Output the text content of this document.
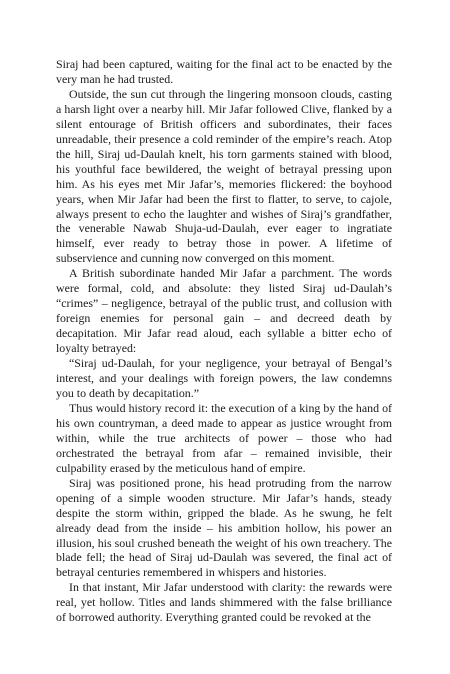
Siraj had been captured, waiting for the final act to be enacted by the very man he had trusted.

Outside, the sun cut through the lingering monsoon clouds, casting a harsh light over a nearby hill. Mir Jafar followed Clive, flanked by a silent entourage of British officers and subordinates, their faces unreadable, their presence a cold reminder of the empire’s reach. Atop the hill, Siraj ud-Daulah knelt, his torn garments stained with blood, his youthful face bewildered, the weight of betrayal pressing upon him. As his eyes met Mir Jafar’s, memories flickered: the boyhood years, when Mir Jafar had been the first to flatter, to serve, to cajole, always present to echo the laughter and wishes of Siraj’s grandfather, the venerable Nawab Shuja-ud-Daulah, ever eager to ingratiate himself, ever ready to betray those in power. A lifetime of subservience and cunning now converged on this moment.

A British subordinate handed Mir Jafar a parchment. The words were formal, cold, and absolute: they listed Siraj ud-Daulah’s “crimes” – negligence, betrayal of the public trust, and collusion with foreign enemies for personal gain – and decreed death by decapitation. Mir Jafar read aloud, each syllable a bitter echo of loyalty betrayed:

“Siraj ud-Daulah, for your negligence, your betrayal of Bengal’s interest, and your dealings with foreign powers, the law condemns you to death by decapitation.”

Thus would history record it: the execution of a king by the hand of his own countryman, a deed made to appear as justice wrought from within, while the true architects of power – those who had orchestrated the betrayal from afar – remained invisible, their culpability erased by the meticulous hand of empire.

Siraj was positioned prone, his head protruding from the narrow opening of a simple wooden structure. Mir Jafar’s hands, steady despite the storm within, gripped the blade. As he swung, he felt already dead from the inside – his ambition hollow, his power an illusion, his soul crushed beneath the weight of his own treachery. The blade fell; the head of Siraj ud-Daulah was severed, the final act of betrayal centuries remembered in whispers and histories.

In that instant, Mir Jafar understood with clarity: the rewards were real, yet hollow. Titles and lands shimmered with the false brilliance of borrowed authority. Everything granted could be revoked at the
